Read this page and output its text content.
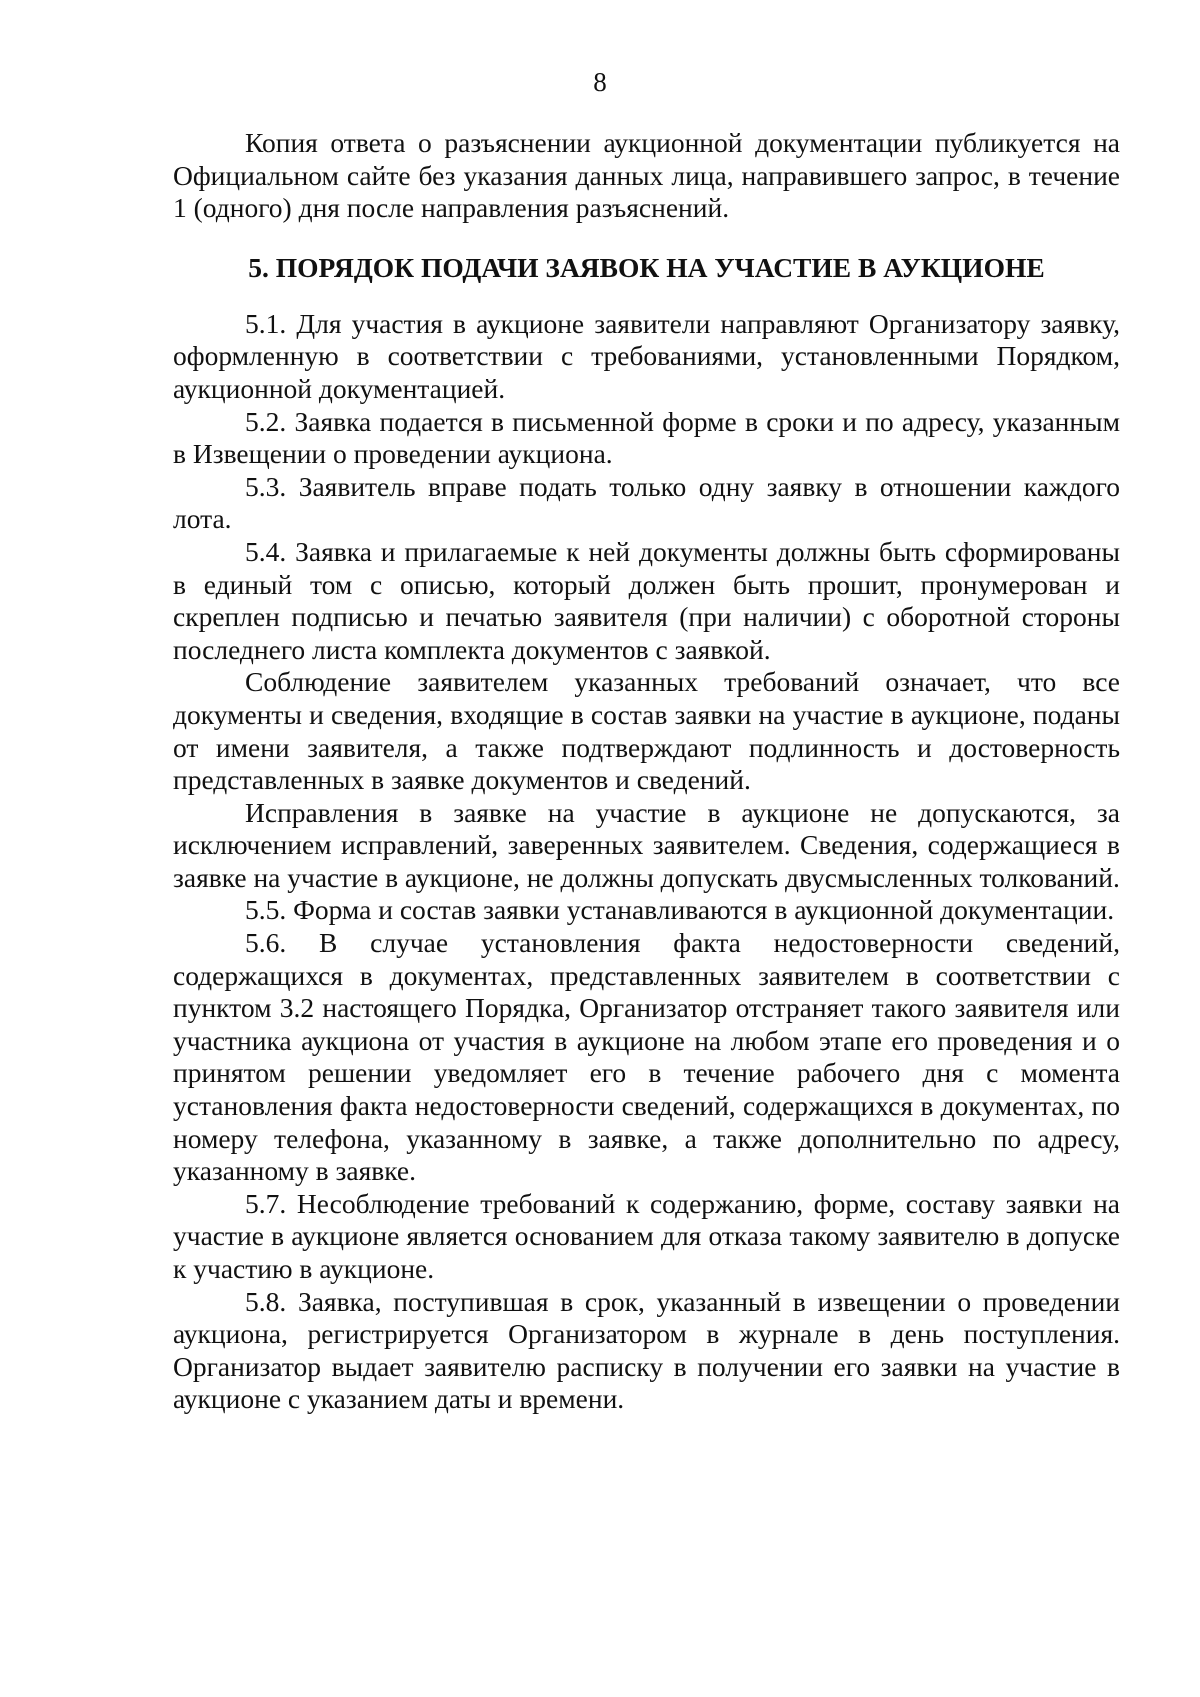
8

Копия ответа о разъяснении аукционной документации публикуется на Официальном сайте без указания данных лица, направившего запрос, в течение 1 (одного) дня после направления разъяснений.

5. ПОРЯДОК ПОДАЧИ ЗАЯВОК НА УЧАСТИЕ В АУКЦИОНЕ

5.1. Для участия в аукционе заявители направляют Организатору заявку, оформленную в соответствии с требованиями, установленными Порядком, аукционной документацией.

5.2. Заявка подается в письменной форме в сроки и по адресу, указанным в Извещении о проведении аукциона.

5.3. Заявитель вправе подать только одну заявку в отношении каждого лота.

5.4. Заявка и прилагаемые к ней документы должны быть сформированы в единый том с описью, который должен быть прошит, пронумерован и скреплен подписью и печатью заявителя (при наличии) с оборотной стороны последнего листа комплекта документов с заявкой.

Соблюдение заявителем указанных требований означает, что все документы и сведения, входящие в состав заявки на участие в аукционе, поданы от имени заявителя, а также подтверждают подлинность и достоверность представленных в заявке документов и сведений.

Исправления в заявке на участие в аукционе не допускаются, за исключением исправлений, заверенных заявителем. Сведения, содержащиеся в заявке на участие в аукционе, не должны допускать двусмысленных толкований.

5.5. Форма и состав заявки устанавливаются в аукционной документации.

5.6. В случае установления факта недостоверности сведений, содержащихся в документах, представленных заявителем в соответствии с пунктом 3.2 настоящего Порядка, Организатор отстраняет такого заявителя или участника аукциона от участия в аукционе на любом этапе его проведения и о принятом решении уведомляет его в течение рабочего дня с момента установления факта недостоверности сведений, содержащихся в документах, по номеру телефона, указанному в заявке, а также дополнительно по адресу, указанному в заявке.

5.7. Несоблюдение требований к содержанию, форме, составу заявки на участие в аукционе является основанием для отказа такому заявителю в допуске к участию в аукционе.

5.8. Заявка, поступившая в срок, указанный в извещении о проведении аукциона, регистрируется Организатором в журнале в день поступления. Организатор выдает заявителю расписку в получении его заявки на участие в аукционе с указанием даты и времени.
